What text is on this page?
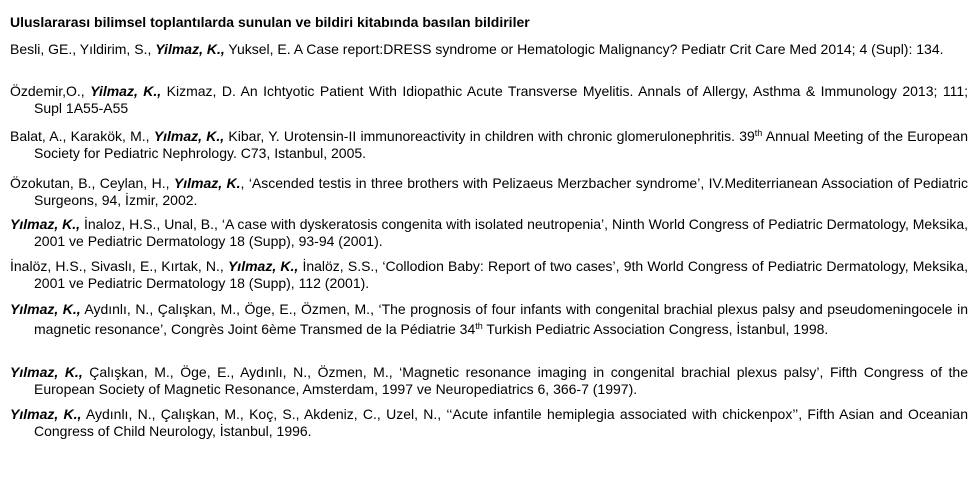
Uluslararası bilimsel toplantılarda sunulan ve bildiri kitabında basılan bildiriler
Besli, GE., Yıldirim, S., Yilmaz, K., Yuksel, E. A Case report:DRESS syndrome or Hematologic Malignancy? Pediatr Crit Care Med 2014; 4 (Supl): 134.
Özdemir,O., Yilmaz, K., Kizmaz, D. An Ichtyotic Patient With Idiopathic Acute Transverse Myelitis. Annals of Allergy, Asthma & Immunology 2013; 111; Supl 1A55-A55
Balat, A., Karakök, M., Yılmaz, K., Kibar, Y. Urotensin-II immunoreactivity in children with chronic glomerulonephritis. 39th Annual Meeting of the European Society for Pediatric Nephrology. C73, Istanbul, 2005.
Özokutan, B., Ceylan, H., Yılmaz, K., ‘Ascended testis in three brothers with Pelizaeus Merzbacher syndrome’, IV.Mediterrianean Association of Pediatric Surgeons, 94, İzmir, 2002.
Yılmaz, K., İnaloz, H.S., Unal, B., ‘A case with dyskeratosis congenita with isolated neutropenia’, Ninth World Congress of Pediatric Dermatology, Meksika, 2001 ve Pediatric Dermatology 18 (Supp), 93-94 (2001).
İnalöz, H.S., Sivaslı, E., Kırtak, N., Yılmaz, K., İnalöz, S.S., ‘Collodion Baby: Report of two cases’, 9th World Congress of Pediatric Dermatology, Meksika, 2001 ve Pediatric Dermatology 18 (Supp), 112 (2001).
Yılmaz, K., Aydınlı, N., Çalışkan, M., Öge, E., Özmen, M., ‘The prognosis of four infants with congenital brachial plexus palsy and pseudomeningocele in magnetic resonance’, Congrès Joint 6ème Transmed de la Pédiatrie 34th Turkish Pediatric Association Congress, İstanbul, 1998.
Yılmaz, K., Çalışkan, M., Öge, E., Aydınlı, N., Özmen, M., ‘Magnetic resonance imaging in congenital brachial plexus palsy’, Fifth Congress of the European Society of Magnetic Resonance, Amsterdam, 1997 ve Neuropediatrics 6, 366-7 (1997).
Yılmaz, K., Aydınlı, N., Çalışkan, M., Koç, S., Akdeniz, C., Uzel, N., ‘‘Acute infantile hemiplegia associated with chickenpox’’, Fifth Asian and Oceanian Congress of Child Neurology, İstanbul, 1996.
